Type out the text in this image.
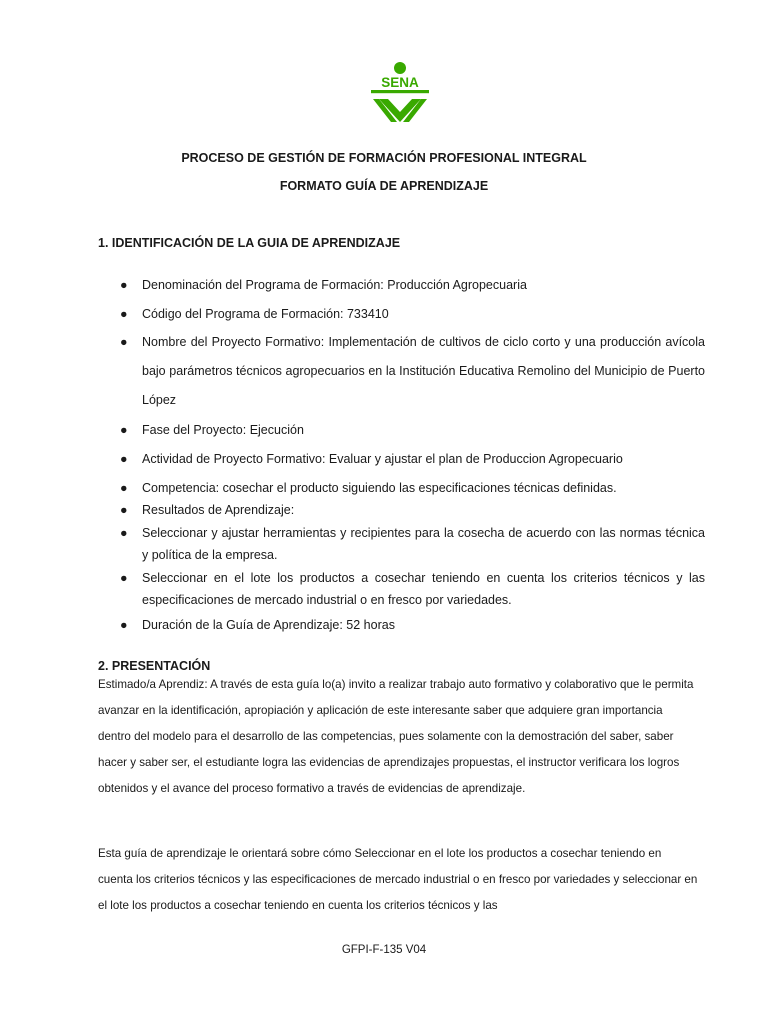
SENA
PROCESO DE GESTIÓN DE FORMACIÓN PROFESIONAL INTEGRAL
FORMATO GUÍA DE APRENDIZAJE
1. IDENTIFICACIÓN DE LA GUIA DE APRENDIZAJE
● Denominación del Programa de Formación: Producción Agropecuaria
● Código del Programa de Formación: 733410
● Nombre del Proyecto Formativo: Implementación de cultivos de ciclo corto y una producción avícola bajo parámetros técnicos agropecuarios en la Institución Educativa Remolino del Municipio de Puerto López
● Fase del Proyecto: Ejecución
● Actividad de Proyecto Formativo: Evaluar y ajustar el plan de Produccion Agropecuario
● Competencia: cosechar el producto siguiendo las especificaciones técnicas definidas.
● Resultados de Aprendizaje:
● Seleccionar y ajustar herramientas y recipientes para la cosecha de acuerdo con las normas técnica y política de la empresa.
● Seleccionar en el lote los productos a cosechar teniendo en cuenta los criterios técnicos y las especificaciones de mercado industrial o en fresco por variedades.
● Duración de la Guía de Aprendizaje: 52 horas
2. PRESENTACIÓN
Estimado/a Aprendiz: A través de esta guía lo(a) invito a realizar trabajo auto formativo y colaborativo que le permita avanzar en la identificación, apropiación y aplicación de este interesante saber que adquiere gran importancia dentro del modelo para el desarrollo de las competencias, pues solamente con la demostración del saber, saber hacer y saber ser, el estudiante logra las evidencias de aprendizajes propuestas, el instructor verificara los logros obtenidos y el avance del proceso formativo a través de evidencias de aprendizaje.
Esta guía de aprendizaje le orientará sobre cómo Seleccionar en el lote los productos a cosechar teniendo en cuenta los criterios técnicos y las especificaciones de mercado industrial o en fresco por variedades y seleccionar en el lote los productos a cosechar teniendo en cuenta los criterios técnicos y las
GFPI-F-135 V04
